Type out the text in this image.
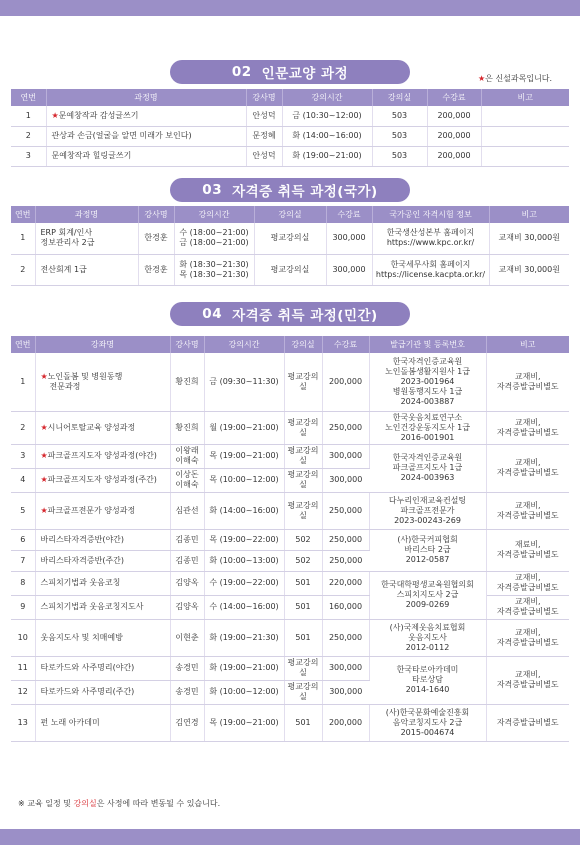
02 인문교양 과정	★은 신설과목입니다.
연번	과정명	강사명	강의시간	강의실	수강료	비고
1	★문예창작과 감성글쓰기	안성덕	금 (10:30~12:00)	503	200,000	
2	관상과 손금(얼굴을 알면 미래가 보인다)	문정혜	화 (14:00~16:00)	503	200,000	
3	문예창작과 힐링글쓰기	안성덕	화 (19:00~21:00)	503	200,000	
03 자격증 취득 과정(국가)
연번	과정명	강사명	강의시간	강의실	수강료	국가공인 자격시험 정보	비고
1	ERP 회계/인사
정보관리사 2급	한경훈	수 (18:00~21:00)
금 (18:00~21:00)	평교강의실	300,000	한국생산성본부 홈페이지
https://www.kpc.or.kr/	교재비 30,000원
2	전산회계 1급	한경훈	화 (18:30~21:30)
목 (18:30~21:30)	평교강의실	300,000	한국세무사회 홈페이지
https://license.kacpta.or.kr/	교재비 30,000원
04 자격증 취득 과정(민간)
연번	강좌명	강사명	강의시간	강의실	수강료	발급기관 및 등록번호	비고
1	★노인돌봄 및 병원동행
전문과정	황진희	금 (09:30~11:30)	평교강의실	200,000	한국자격인증교육원
노인돌봄생활지원사 1급
2023-001964
병원동행지도사 1급
2024-003887	교재비,
자격증발급비별도

2	★시니어토탈교육 양성과정	황진희	월 (19:00~21:00)	평교강의실	250,000	한국웃음치료연구소
노인건강운동지도사 1급
2016-001901	교재비,
자격증발급비별도

3	★파크골프지도자 양성과정(야간)	이왕래
이해숙	목 (19:00~21:00)	평교강의실	300,000	한국자격인증교육원
파크골프지도사 1급
2024-003963	교재비,
자격증발급비별도

4	★파크골프지도자 양성과정(주간)	이상돈
이해숙	목 (10:00~12:00)	평교강의실	300,000		
5	★파크골프전문가 양성과정	심관선	화 (14:00~16:00)	평교강의실	250,000	다누리인재교육컨설팅
파크골프전문가
2023-00243-269	교재비,
자격증발급비별도

6	바리스타자격증반(야간)	김종민	목 (19:00~22:00)	502	250,000	(사)한국커피협회
바리스타 2급
2012-0587	재료비,
자격증발급비별도

7	바리스타자격증반(주간)	김종민	화 (10:00~13:00)	502	250,000		
8	스피치기법과 웃음코칭	김양옥	수 (19:00~22:00)	501	220,000	한국대학평생교육원협의회
스피치지도사 2급
2009-0269	교재비,
자격증발급비별도

9	스피치기법과 웃음코칭지도사	김양옥	수 (14:00~16:00)	501	160,000		교재비,
자격증발급비별도

10	웃음지도사 및 치매예방	이현춘	화 (19:00~21:30)	501	250,000	(사)국제웃음치료협회
웃음지도사
2012-0112	교재비,
자격증발급비별도

11	타로카드와 사주명리(야간)	송경민	화 (19:00~21:00)	평교강의실	300,000	한국타로아카데미
타로상담
2014-1640	교재비,
자격증발급비별도

12	타로카드와 사주명리(주간)	송경민	화 (10:00~12:00)	평교강의실	300,000		
13	펀 노래 아카데미	김연경	목 (19:00~21:00)	501	200,000	(사)한국문화예술진흥회
음악코칭지도사 2급
2015-004674	자격증발급비별도
※ 교육 일정 및 강의실은 사정에 따라 변동될 수 있습니다.
